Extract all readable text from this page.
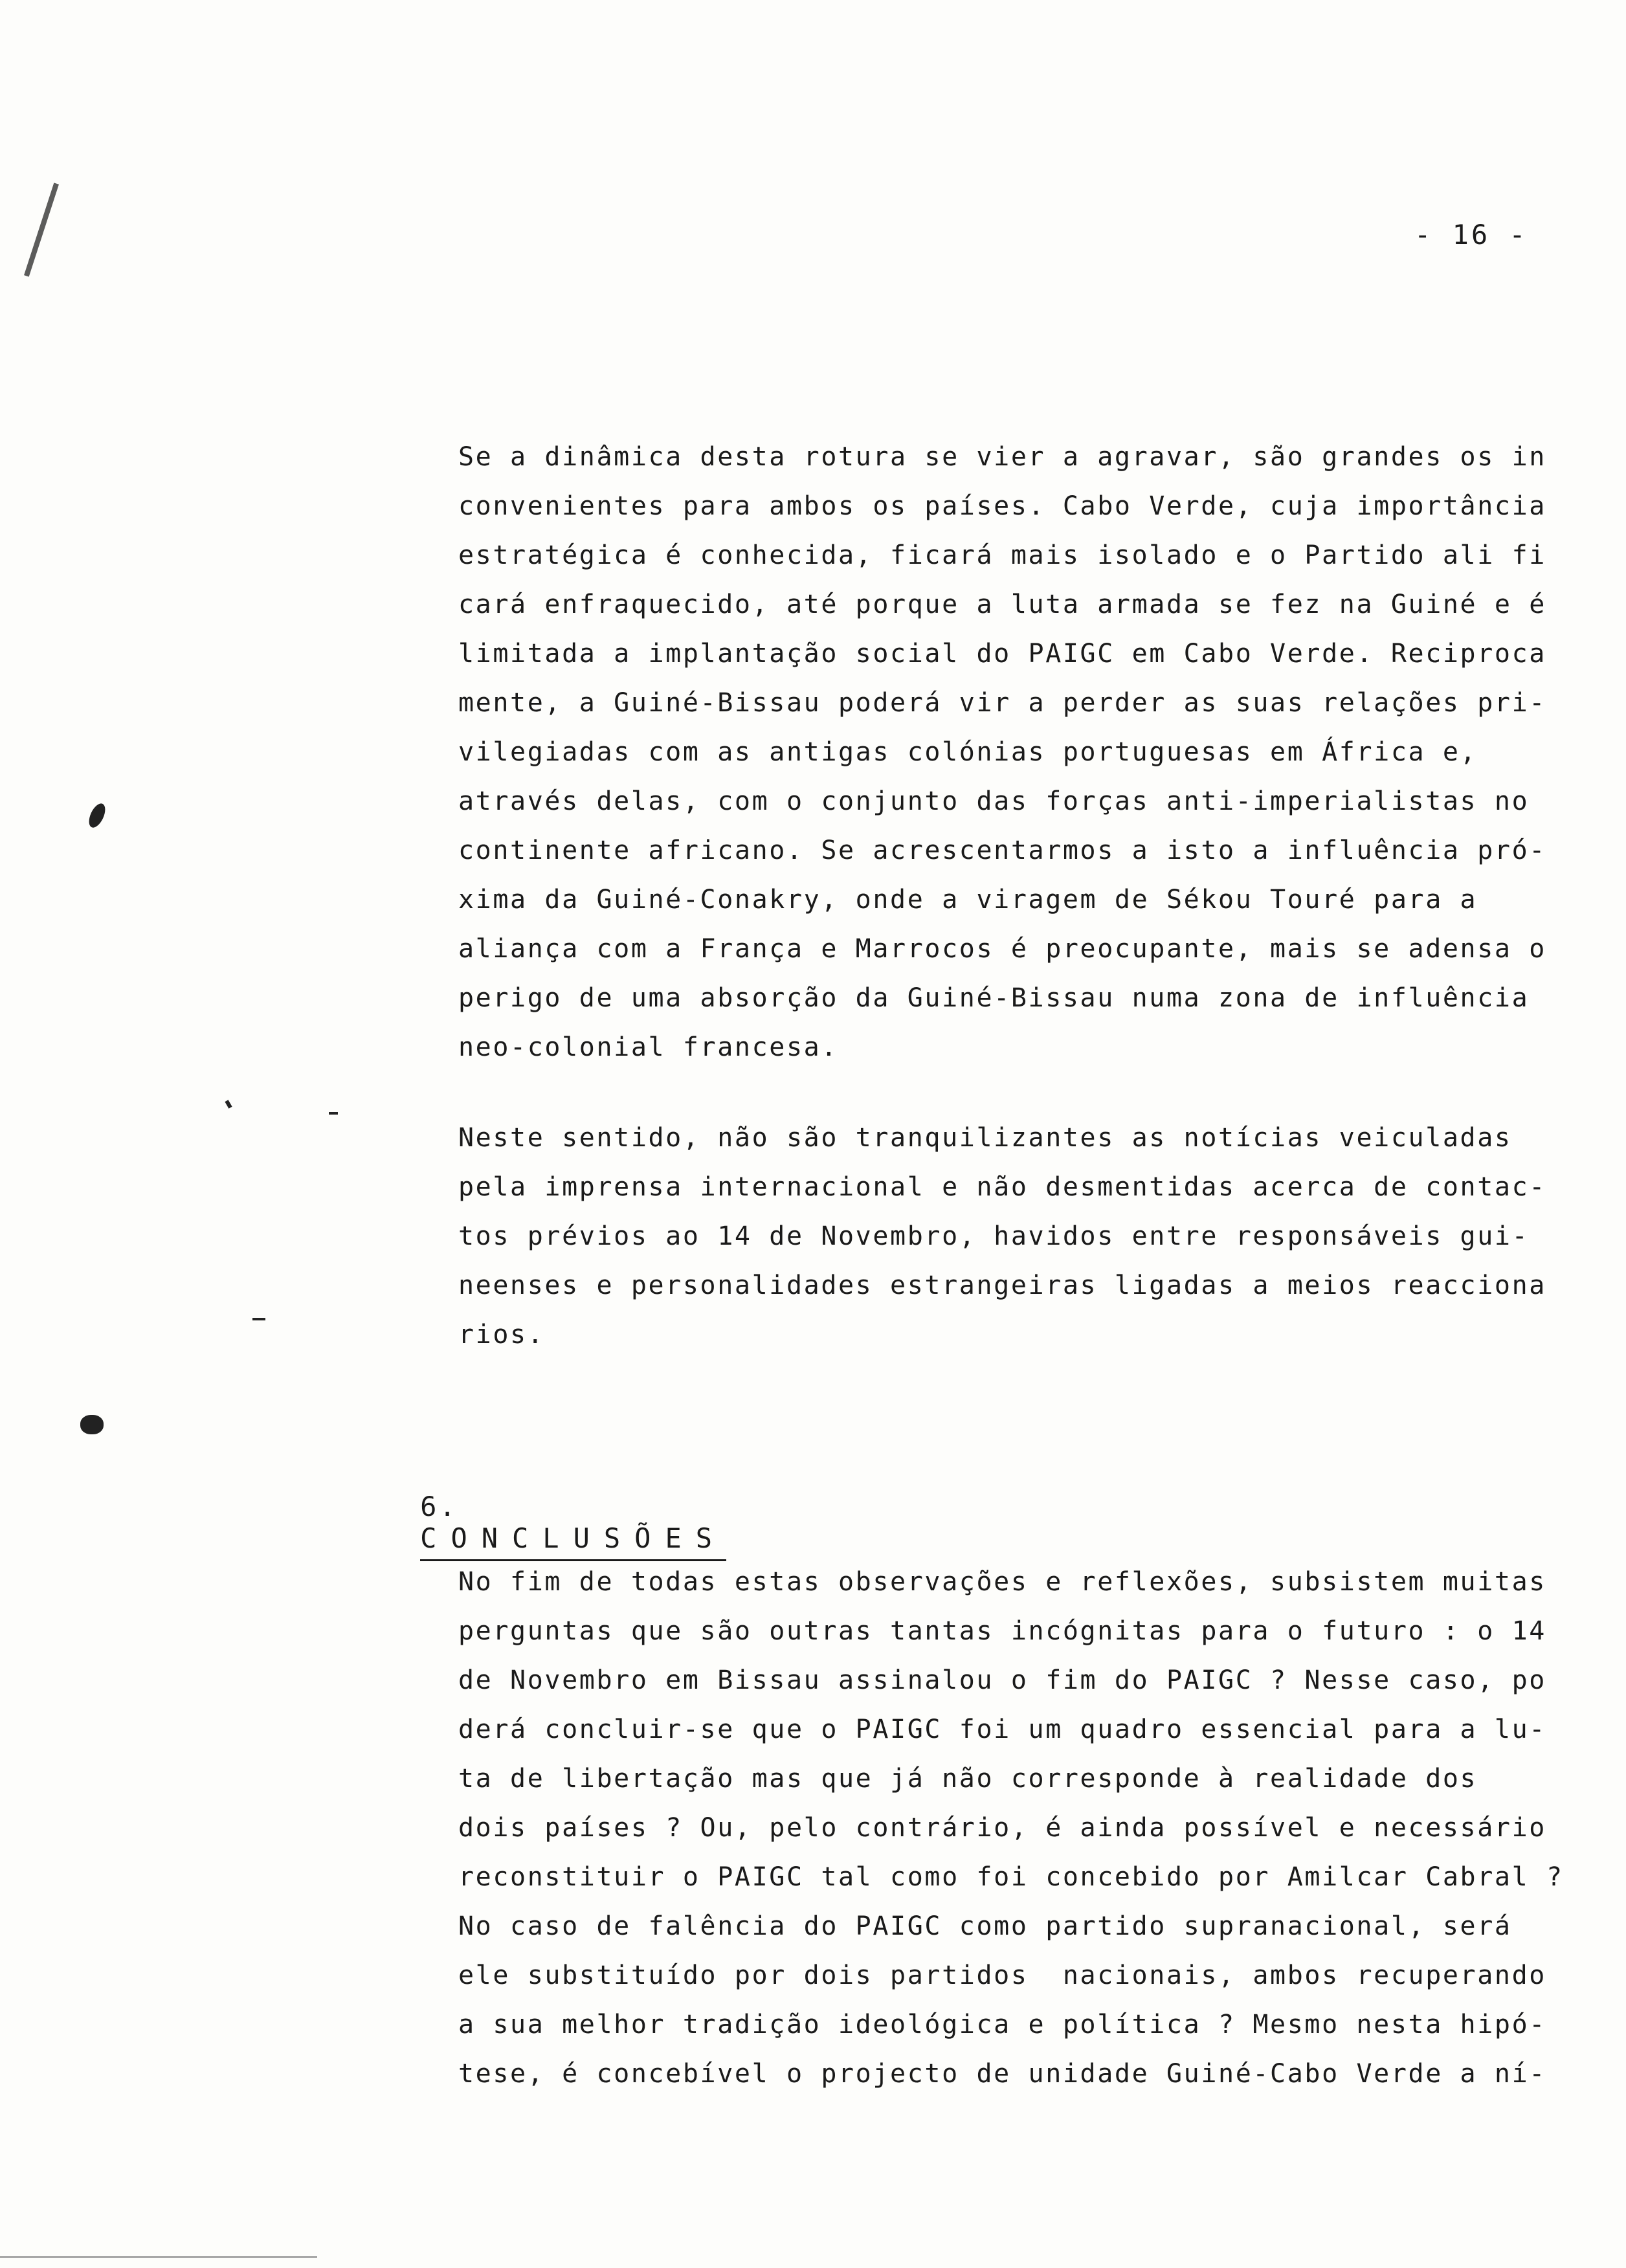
- 16 -
Se a dinâmica desta rotura se vier a agravar, são grandes os in
convenientes para ambos os países. Cabo Verde, cuja importância
estratégica é conhecida, ficará mais isolado e o Partido ali fi
cará enfraquecido, até porque a luta armada se fez na Guiné e é
limitada a implantação social do PAIGC em Cabo Verde. Reciproca
mente, a Guiné-Bissau poderá vir a perder as suas relações pri-
vilegiadas com as antigas colónias portuguesas em África e,
através delas, com o conjunto das forças anti-imperialistas no
continente africano. Se acrescentarmos a isto a influência pró-
xima da Guiné-Conakry, onde a viragem de Sékou Touré para a
aliança com a França e Marrocos é preocupante, mais se adensa o
perigo de uma absorção da Guiné-Bissau numa zona de influência
neo-colonial francesa.
Neste sentido, não são tranquilizantes as notícias veiculadas
pela imprensa internacional e não desmentidas acerca de contac-
tos prévios ao 14 de Novembro, havidos entre responsáveis gui-
neenses e personalidades estrangeiras ligadas a meios reacciona
rios.

6.
CONCLUSÕES

No fim de todas estas observações e reflexões, subsistem muitas
perguntas que são outras tantas incógnitas para o futuro : o 14
de Novembro em Bissau assinalou o fim do PAIGC ? Nesse caso, po
derá concluir-se que o PAIGC foi um quadro essencial para a lu-
ta de libertação mas que já não corresponde à realidade dos
dois países ? Ou, pelo contrário, é ainda possível e necessário
reconstituir o PAIGC tal como foi concebido por Amilcar Cabral ?
No caso de falência do PAIGC como partido supranacional, será
ele substituído por dois partidos  nacionais, ambos recuperando
a sua melhor tradição ideológica e política ? Mesmo nesta hipó-
tese, é concebível o projecto de unidade Guiné-Cabo Verde a ní-
